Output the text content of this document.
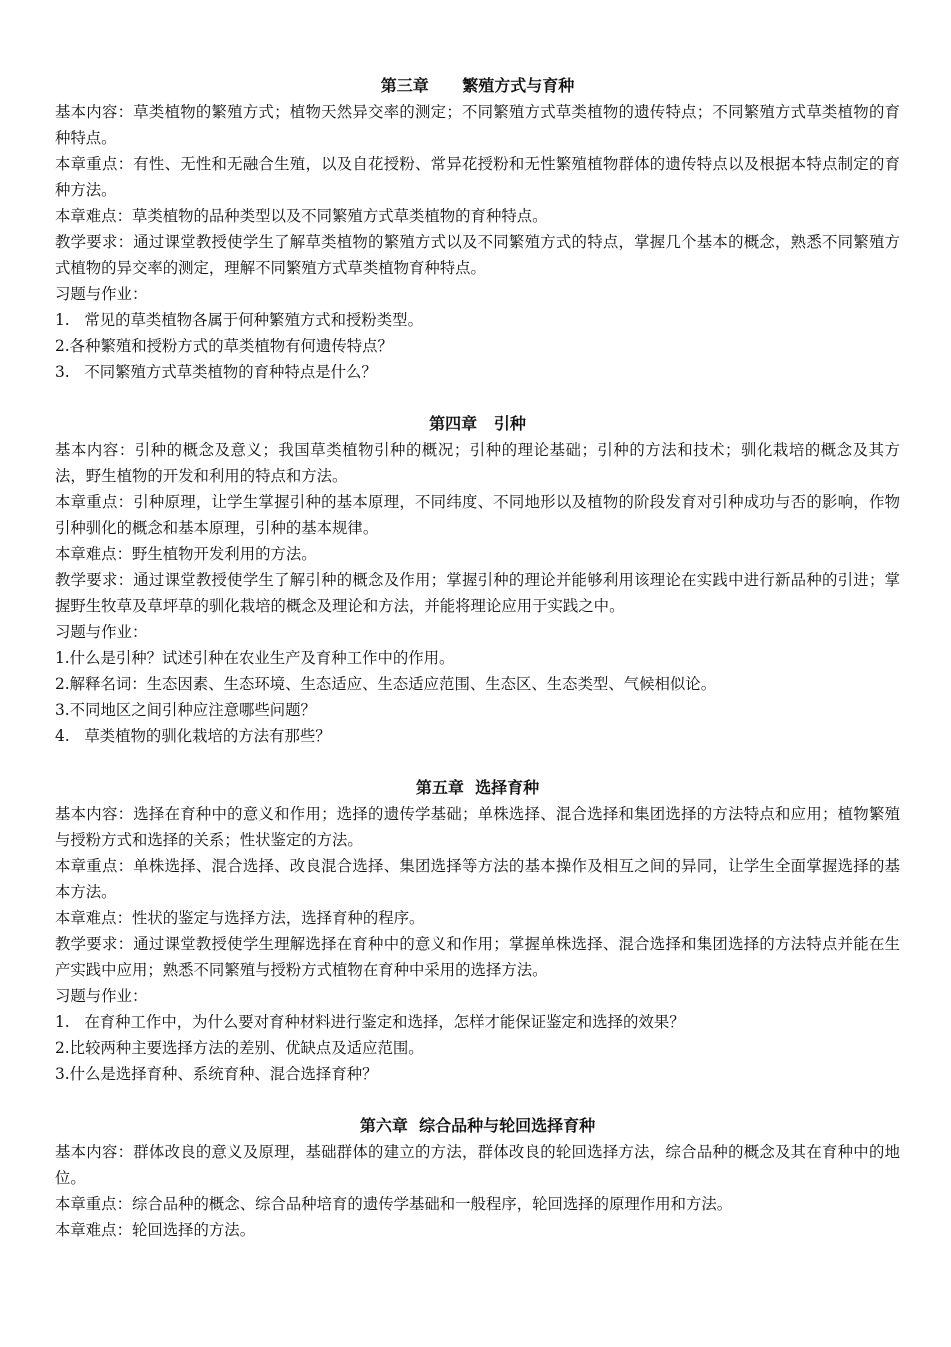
第三章      繁殖方式与育种

基本内容：草类植物的繁殖方式；植物天然异交率的测定；不同繁殖方式草类植物的遗传特点；不同繁殖方式草类植物的育种特点。

本章重点：有性、无性和无融合生殖，以及自花授粉、常异花授粉和无性繁殖植物群体的遗传特点以及根据本特点制定的育种方法。

本章难点：草类植物的品种类型以及不同繁殖方式草类植物的育种特点。

教学要求：通过课堂教授使学生了解草类植物的繁殖方式以及不同繁殖方式的特点，掌握几个基本的概念，熟悉不同繁殖方式植物的异交率的测定，理解不同繁殖方式草类植物育种特点。

习题与作业：

1.   常见的草类植物各属于何种繁殖方式和授粉类型。

2.各种繁殖和授粉方式的草类植物有何遗传特点？

3.   不同繁殖方式草类植物的育种特点是什么？

第四章   引种

基本内容：引种的概念及意义；我国草类植物引种的概况；引种的理论基础；引种的方法和技术；驯化栽培的概念及其方法，野生植物的开发和利用的特点和方法。

本章重点：引种原理，让学生掌握引种的基本原理，不同纬度、不同地形以及植物的阶段发育对引种成功与否的影响，作物引种驯化的概念和基本原理，引种的基本规律。

本章难点：野生植物开发利用的方法。

教学要求：通过课堂教授使学生了解引种的概念及作用；掌握引种的理论并能够利用该理论在实践中进行新品种的引进；掌握野生牧草及草坪草的驯化栽培的概念及理论和方法，并能将理论应用于实践之中。

习题与作业：

1.什么是引种？试述引种在农业生产及育种工作中的作用。

2.解释名词：生态因素、生态环境、生态适应、生态适应范围、生态区、生态类型、气候相似论。

3.不同地区之间引种应注意哪些问题？

4.   草类植物的驯化栽培的方法有那些？

第五章  选择育种

基本内容：选择在育种中的意义和作用；选择的遗传学基础；单株选择、混合选择和集团选择的方法特点和应用；植物繁殖与授粉方式和选择的关系；性状鉴定的方法。

本章重点：单株选择、混合选择、改良混合选择、集团选择等方法的基本操作及相互之间的异同，让学生全面掌握选择的基本方法。

本章难点：性状的鉴定与选择方法，选择育种的程序。

教学要求：通过课堂教授使学生理解选择在育种中的意义和作用；掌握单株选择、混合选择和集团选择的方法特点并能在生产实践中应用；熟悉不同繁殖与授粉方式植物在育种中采用的选择方法。

习题与作业：

1.   在育种工作中，为什么要对育种材料进行鉴定和选择，怎样才能保证鉴定和选择的效果？

2.比较两种主要选择方法的差别、优缺点及适应范围。

3.什么是选择育种、系统育种、混合选择育种？

第六章  综合品种与轮回选择育种

基本内容：群体改良的意义及原理，基础群体的建立的方法，群体改良的轮回选择方法，综合品种的概念及其在育种中的地位。

本章重点：综合品种的概念、综合品种培育的遗传学基础和一般程序，轮回选择的原理作用和方法。

本章难点：轮回选择的方法。
